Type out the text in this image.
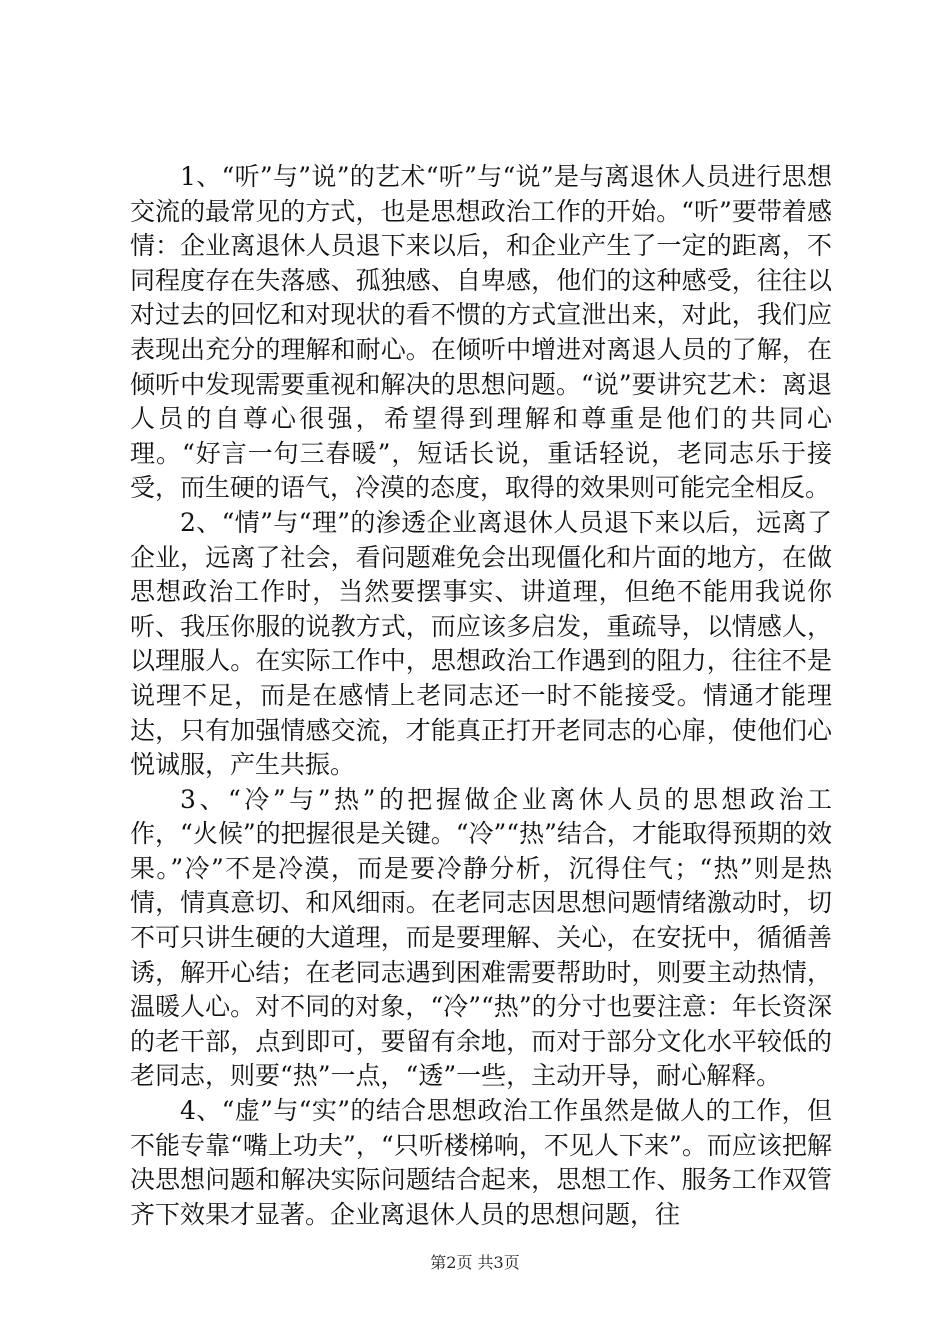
1、“听”与”说”的艺术“听”与“说”是与离退休人员进行思想交流的最常见的方式，也是思想政治工作的开始。“听”要带着感情：企业离退休人员退下来以后，和企业产生了一定的距离，不同程度存在失落感、孤独感、自卑感，他们的这种感受，往往以对过去的回忆和对现状的看不惯的方式宣泄出来，对此，我们应表现出充分的理解和耐心。在倾听中增进对离退人员的了解，在倾听中发现需要重视和解决的思想问题。“说”要讲究艺术：离退人员的自尊心很强，希望得到理解和尊重是他们的共同心理。“好言一句三春暖”，短话长说，重话轻说，老同志乐于接受，而生硬的语气，冷漠的态度，取得的效果则可能完全相反。

2、“情”与“理”的渗透企业离退休人员退下来以后，远离了企业，远离了社会，看问题难免会出现僵化和片面的地方，在做思想政治工作时，当然要摆事实、讲道理，但绝不能用我说你听、我压你服的说教方式，而应该多启发，重疏导，以情感人，以理服人。在实际工作中，思想政治工作遇到的阻力，往往不是说理不足，而是在感情上老同志还一时不能接受。情通才能理达，只有加强情感交流，才能真正打开老同志的心扉，使他们心悦诚服，产生共振。

3、“冷”与”热”的把握做企业离休人员的思想政治工作，“火候”的把握很是关键。“冷”“热”结合，才能取得预期的效果。”冷”不是冷漠，而是要冷静分析，沉得住气；“热”则是热情，情真意切、和风细雨。在老同志因思想问题情绪激动时，切不可只讲生硬的大道理，而是要理解、关心，在安抚中，循循善诱，解开心结；在老同志遇到困难需要帮助时，则要主动热情，温暖人心。对不同的对象，“冷”“热”的分寸也要注意：年长资深的老干部，点到即可，要留有余地，而对于部分文化水平较低的老同志，则要“热”一点，“透”一些，主动开导，耐心解释。

4、“虚”与“实”的结合思想政治工作虽然是做人的工作，但不能专靠“嘴上功夫”，“只听楼梯响，不见人下来”。而应该把解决思想问题和解决实际问题结合起来，思想工作、服务工作双管齐下效果才显著。企业离退休人员的思想问题，往

第2页 共3页
